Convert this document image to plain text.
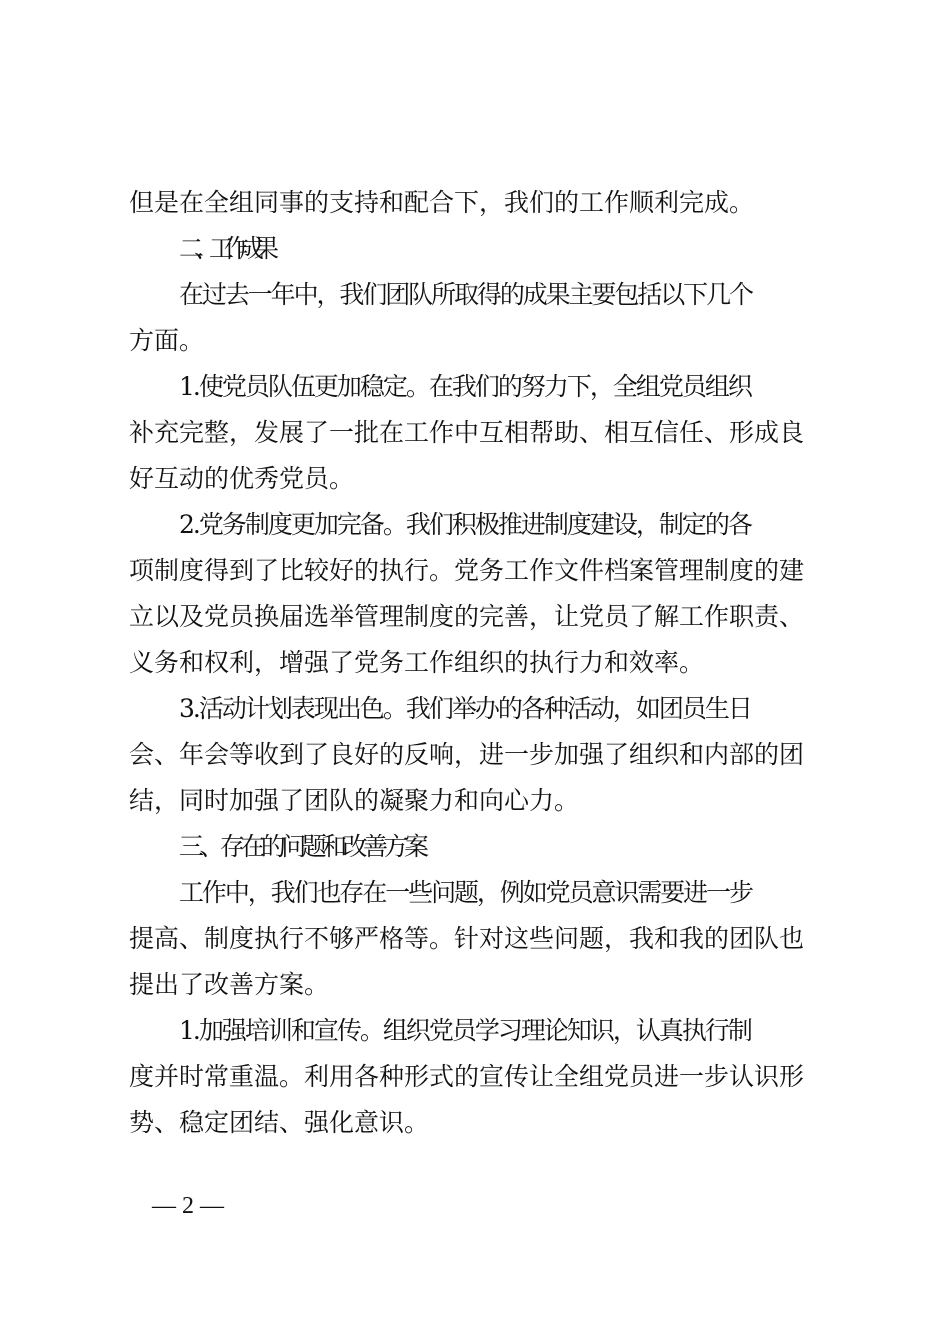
但是在全组同事的支持和配合下，我们的工作顺利完成。
二、工作成果
在过去一年中，我们团队所取得的成果主要包括以下几个
方面。
1.使党员队伍更加稳定。在我们的努力下，全组党员组织
补充完整，发展了一批在工作中互相帮助、相互信任、形成良
好互动的优秀党员。
2.党务制度更加完备。我们积极推进制度建设，制定的各
项制度得到了比较好的执行。党务工作文件档案管理制度的建
立以及党员换届选举管理制度的完善，让党员了解工作职责、
义务和权利，增强了党务工作组织的执行力和效率。
3.活动计划表现出色。我们举办的各种活动，如团员生日
会、年会等收到了良好的反响，进一步加强了组织和内部的团
结，同时加强了团队的凝聚力和向心力。
三、存在的问题和改善方案
工作中，我们也存在一些问题，例如党员意识需要进一步
提高、制度执行不够严格等。针对这些问题，我和我的团队也
提出了改善方案。
1.加强培训和宣传。组织党员学习理论知识，认真执行制
度并时常重温。利用各种形式的宣传让全组党员进一步认识形
势、稳定团结、强化意识。
— 2 —
